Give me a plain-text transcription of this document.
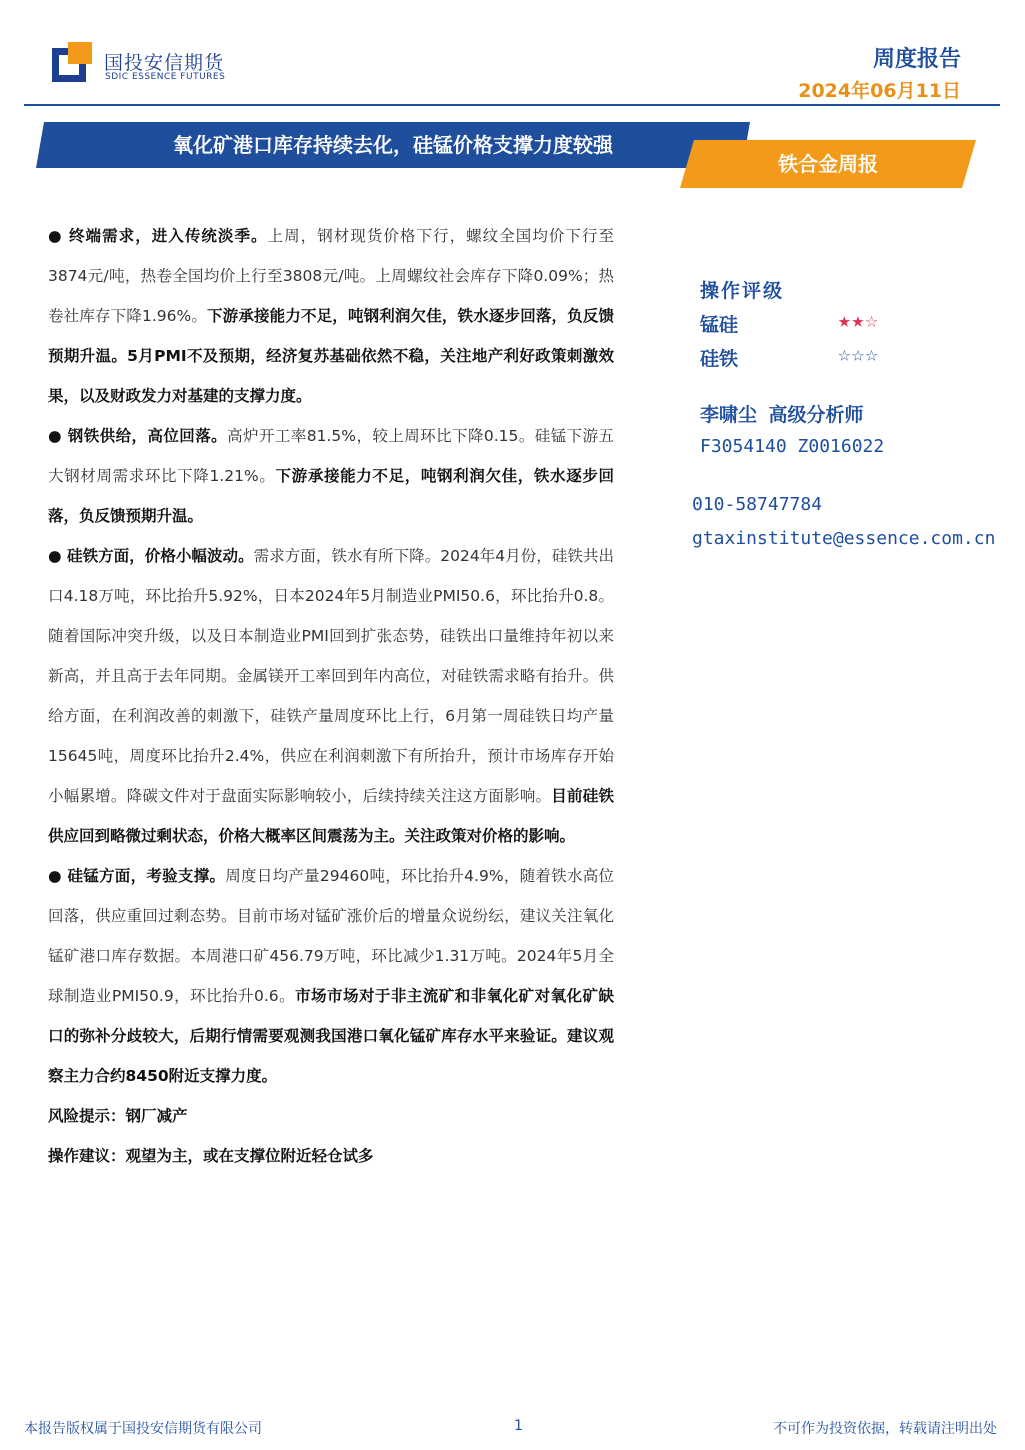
国投安信期货
SDIC ESSENCE FUTURES
周度报告
2024年06月11日
氧化矿港口库存持续去化，硅锰价格支撑力度较强
铁合金周报

● 终端需求，进入传统淡季。上周，钢材现货价格下行，螺纹全国均价下行至3874元/吨，热卷全国均价上行至3808元/吨。上周螺纹社会库存下降0.09%；热卷社库存下降1.96%。下游承接能力不足，吨钢利润欠佳，铁水逐步回落，负反馈预期升温。5月PMI不及预期，经济复苏基础依然不稳，关注地产利好政策刺激效果，以及财政发力对基建的支撑力度。

● 钢铁供给，高位回落。高炉开工率81.5%，较上周环比下降0.15。硅锰下游五大钢材周需求环比下降1.21%。下游承接能力不足，吨钢利润欠佳，铁水逐步回落，负反馈预期升温。

● 硅铁方面，价格小幅波动。需求方面，铁水有所下降。2024年4月份，硅铁共出口4.18万吨，环比抬升5.92%，日本2024年5月制造业PMI50.6，环比抬升0.8。随着国际冲突升级，以及日本制造业PMI回到扩张态势，硅铁出口量维持年初以来新高，并且高于去年同期。金属镁开工率回到年内高位，对硅铁需求略有抬升。供给方面，在利润改善的刺激下，硅铁产量周度环比上行，6月第一周硅铁日均产量15645吨，周度环比抬升2.4%，供应在利润刺激下有所抬升，预计市场库存开始小幅累增。降碳文件对于盘面实际影响较小，后续持续关注这方面影响。目前硅铁供应回到略微过剩状态，价格大概率区间震荡为主。关注政策对价格的影响。

● 硅锰方面，考验支撑。周度日均产量29460吨，环比抬升4.9%，随着铁水高位回落，供应重回过剩态势。目前市场对锰矿涨价后的增量众说纷纭，建议关注氧化锰矿港口库存数据。本周港口矿456.79万吨，环比减少1.31万吨。2024年5月全球制造业PMI50.9，环比抬升0.6。市场市场对于非主流矿和非氧化矿对氧化矿缺口的弥补分歧较大，后期行情需要观测我国港口氧化锰矿库存水平来验证。建议观察主力合约8450附近支撑力度。

风险提示：钢厂减产

操作建议：观望为主，或在支撑位附近轻仓试多

操作评级
锰硅	★★☆
硅铁	☆☆☆
李啸尘 高级分析师
F3054140 Z0016022
010-58747784
gtaxinstitute@essence.com.cn
本报告版权属于国投安信期货有限公司	1	不可作为投资依据，转载请注明出处
